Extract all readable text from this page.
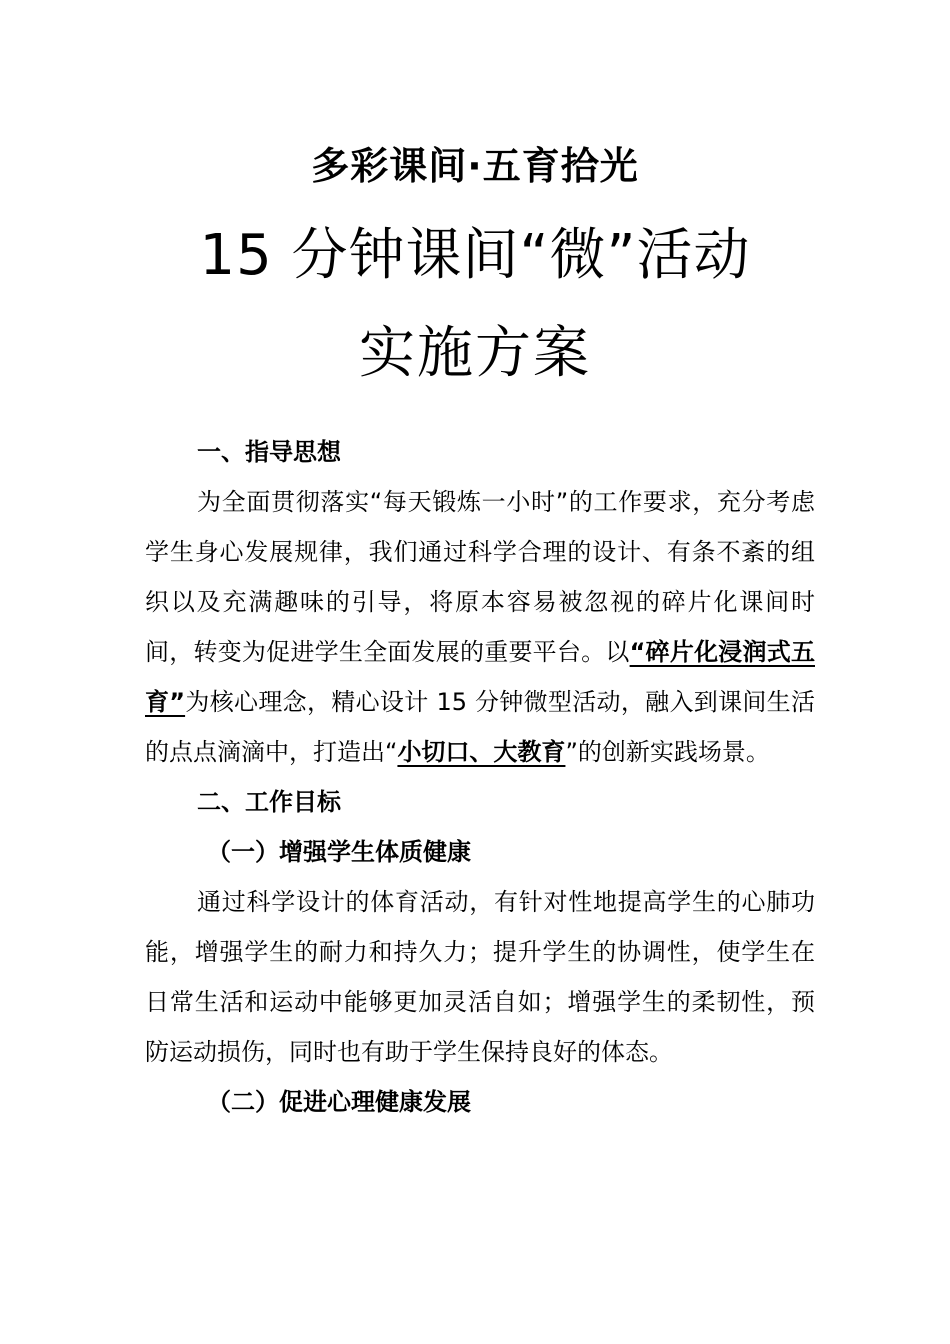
多彩课间·五育拾光
15 分钟课间“微”活动
实施方案

一、指导思想

为全面贯彻落实“每天锻炼一小时”的工作要求，充分考虑学生身心发展规律，我们通过科学合理的设计、有条不紊的组织以及充满趣味的引导，将原本容易被忽视的碎片化课间时间，转变为促进学生全面发展的重要平台。以“碎片化浸润式五育”为核心理念，精心设计 15 分钟微型活动，融入到课间生活的点点滴滴中，打造出“小切口、大教育”的创新实践场景。

二、工作目标

（一）增强学生体质健康

通过科学设计的体育活动，有针对性地提高学生的心肺功能，增强学生的耐力和持久力；提升学生的协调性，使学生在日常生活和运动中能够更加灵活自如；增强学生的柔韧性，预防运动损伤，同时也有助于学生保持良好的体态。

（二）促进心理健康发展
